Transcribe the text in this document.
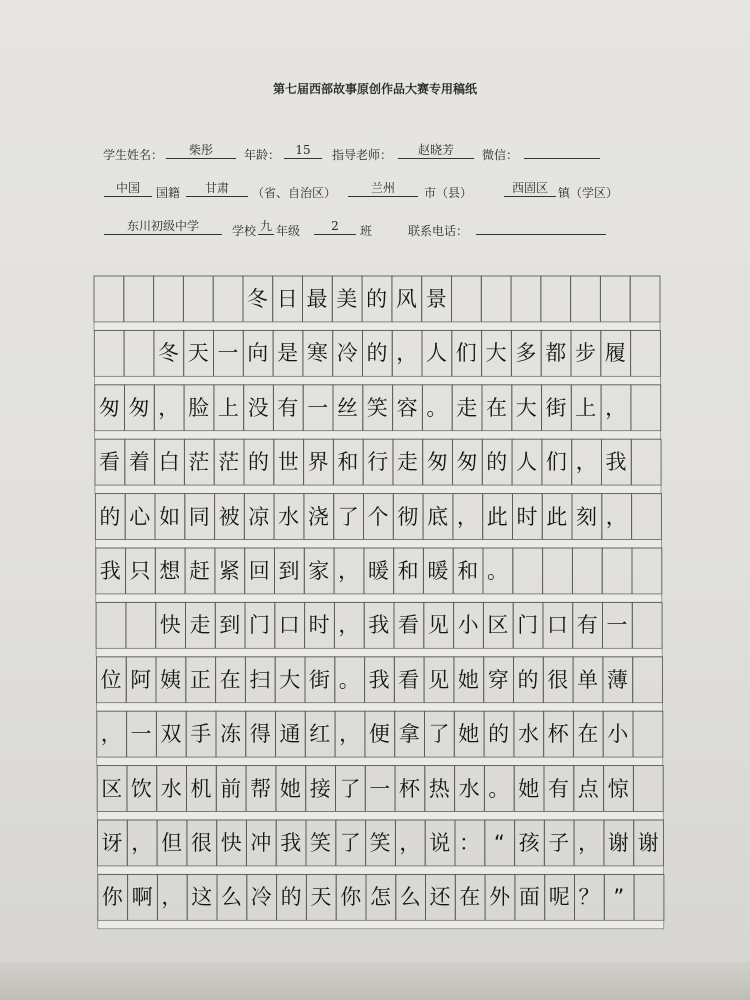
第七届西部故事原创作品大赛专用稿纸
学生姓名：	柴彤	年龄：	15	指导老师：	赵晓芳	微信：
中国	国籍	甘肃	（省、自治区）	兰州	市（县）	西固区 镇（学区）
东川初级中学	学校 九 年级	2	班	联系电话：
冬 日 最 美 的 风 景
冬 天 一 向 是 寒 冷 的 ， 人 们 大 多 都 步 履
匆 匆 ， 脸 上 没 有 一 丝 笑 容 。 走 在 大 街 上 ，
看 着 白 茫 茫 的 世 界 和 行 走 匆 匆 的 人 们 ， 我
的 心 如 同 被 凉 水 浇 了 个 彻 底 ， 此 时 此 刻 ，
我 只 想 赶 紧 回 到 家 ， 暖 和 暖 和 。
快 走 到 门 口 时 ， 我 看 见 小 区 门 口 有 一
位 阿 姨 正 在 扫 大 街 。 我 看 见 她 穿 的 很 单 薄
， 一 双 手 冻 得 通 红 ， 便 拿 了 她 的 水 杯 在 小
区 饮 水 机 前 帮 她 接 了 一 杯 热 水 。 她 有 点 惊
讶 ， 但 很 快 冲 我 笑 了 笑 ， 说 ： “ 孩 子 ， 谢 谢
你 啊 ， 这 么 冷 的 天 你 怎 么 还 在 外 面 呢 ？ ”
